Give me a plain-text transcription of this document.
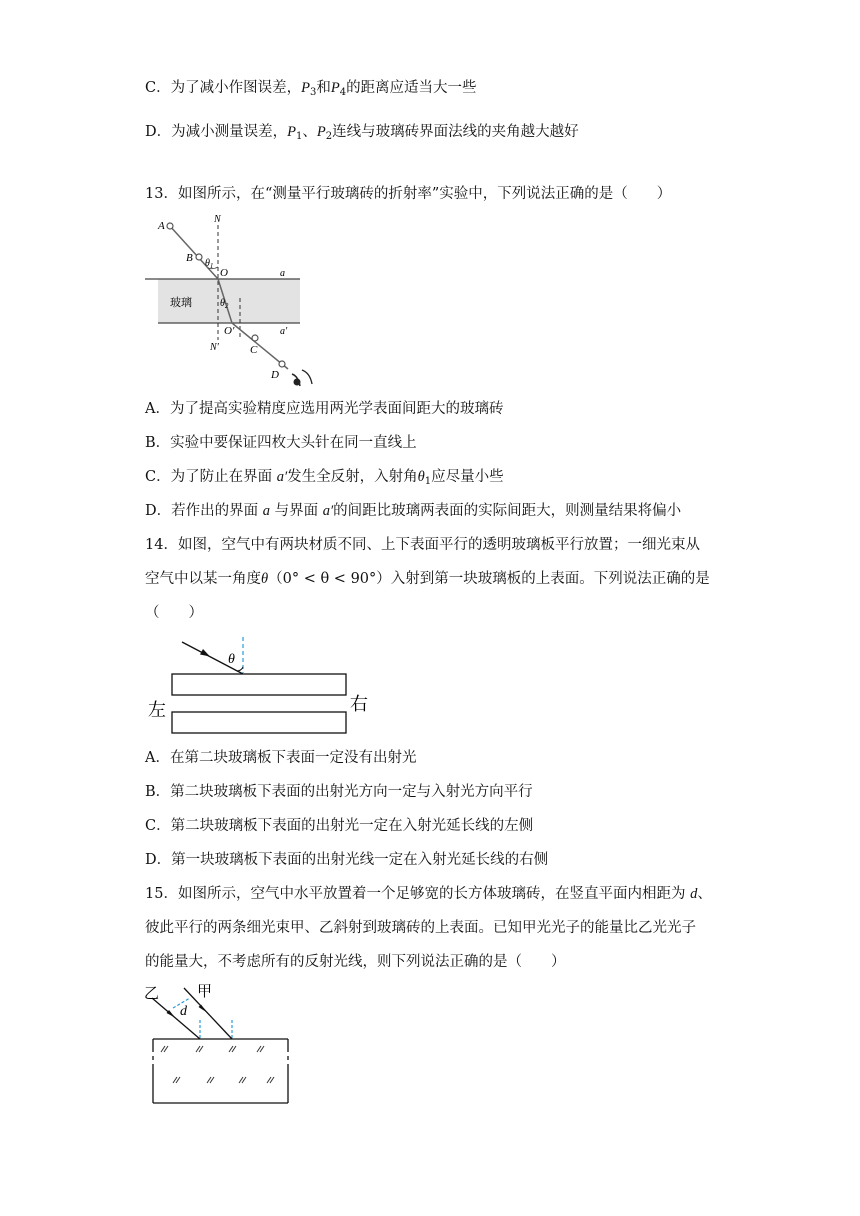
C．为了减小作图误差，$P_3$和$P_4$的距离应适当大一些
D．为减小测量误差，$P_1$、$P_2$连线与玻璃砖界面法线的夹角越大越好
13．如图所示，在“测量平行玻璃砖的折射率”实验中，下列说法正确的是（　　）
A
B
C
D
N
N′
O
O′
a
a′
$\theta_1$
$\theta_2$
玻璃
A．为了提高实验精度应选用两光学表面间距大的玻璃砖
B．实验中要保证四枚大头针在同一直线上
C．为了防止在界面 a′发生全反射，入射角$\theta_1$应尽量小些
D．若作出的界面 a 与界面 a′的间距比玻璃两表面的实际间距大，则测量结果将偏小
14．如图，空气中有两块材质不同、上下表面平行的透明玻璃板平行放置；一细光束从
空气中以某一角度θ（0° < θ < 90°）入射到第一块玻璃板的上表面。下列说法正确的是
（　　）
θ
左	右
A．在第二块玻璃板下表面一定没有出射光
B．第二块玻璃板下表面的出射光方向一定与入射光方向平行
C．第二块玻璃板下表面的出射光一定在入射光延长线的左侧
D．第一块玻璃板下表面的出射光线一定在入射光延长线的右侧
15．如图所示，空气中水平放置着一个足够宽的长方体玻璃砖，在竖直平面内相距为 d、
彼此平行的两条细光束甲、乙斜射到玻璃砖的上表面。已知甲光光子的能量比乙光光子
的能量大，不考虑所有的反射光线，则下列说法正确的是（　　）
乙	甲
d
